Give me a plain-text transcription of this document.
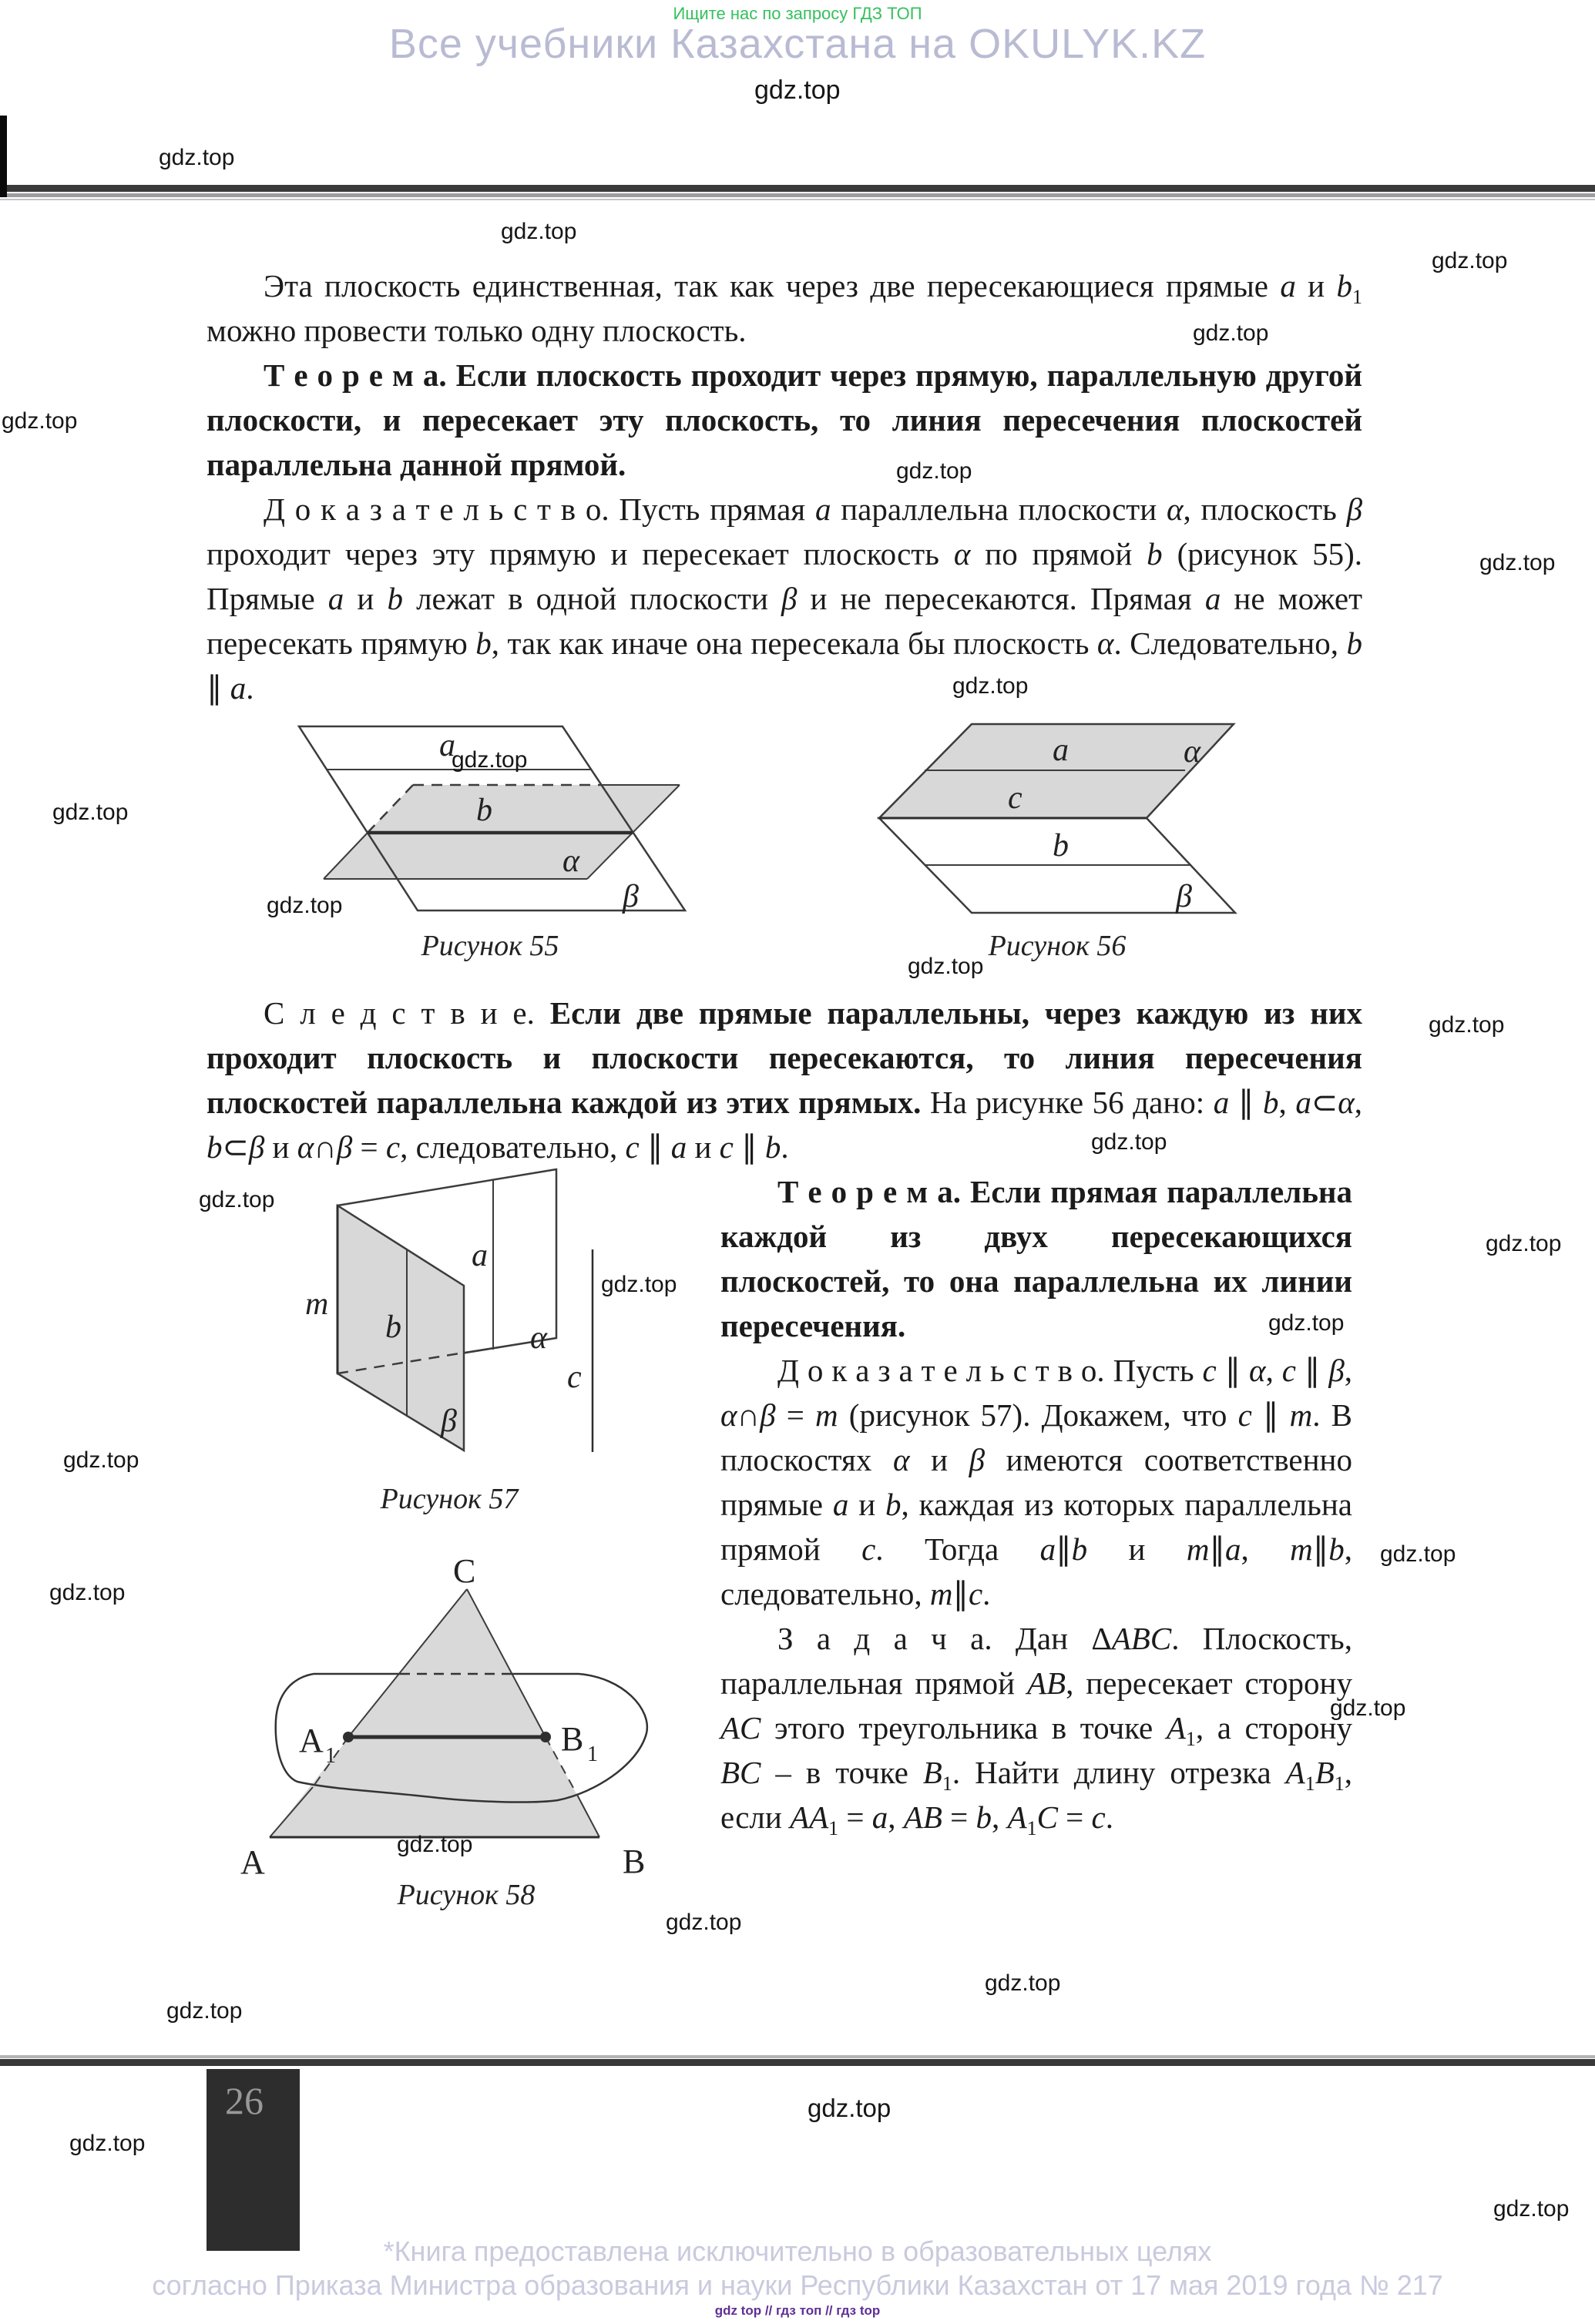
Ищите нас по запросу ГДЗ ТОП
Все учебники Казахстана на OKULYK.KZ

Эта плоскость единственная, так как через две пересекающиеся прямые a и $b_1$ можно провести только одну плоскость.

Т е о р е м а. Если плоскость проходит через прямую, параллельную другой плоскости, и пересекает эту плоскость, то линия пересечения плоскостей параллельна данной прямой.

Д о к а з а т е л ь с т в о. Пусть прямая a параллельна плоскости α, плоскость β проходит через эту прямую и пересекает плоскость α по прямой b (рисунок 55). Прямые a и b лежат в одной плоскости β и не пересекаются. Прямая a не может пересекать прямую b, так как иначе она пересекала бы плоскость α. Следовательно, b ∥ a.

a
b
α
β
Рисунок 55
α
a
c
b
β
Рисунок 56

С л е д с т в и е. Если две прямые параллельны, через каждую из них проходит плоскость и плоскости пересекаются, то линия пересечения плоскостей параллельна каждой из этих прямых. На рисунке 56 дано: a ∥ b, a⊂α, b⊂β и α∩β = c, следовательно, c ∥ a и c ∥ b.

m
a
b	α
β
c
Рисунок 57

Т е о р е м а. Если прямая параллельна каждой из двух пересекающихся плоскостей, то она параллельна их линии пересечения.

Д о к а з а т е л ь с т в о. Пусть c ∥ α, c ∥ β, α∩β = m (рисунок 57). Докажем, что c ∥ m. В плоскостях α и β имеются соответственно прямые a и b, каждая из которых параллельна прямой c. Тогда a∥b и m∥a, m∥b, следовательно, m∥c.

З а д а ч а. Дан ΔABC. Плоскость, параллельная прямой AB, пересекает сторону AC этого треугольника в точке $A_1$, а сторону BC – в точке $B_1$. Найти длину отрезка $A_1B_1$, если $AA_1 = a$, AB = b, $A_1C = c$.

C
A	B
A 1	B 1
Рисунок 58
26
*Книга предоставлена исключительно в образовательных целях
согласно Приказа Министра образования и науки Республики Казахстан от 17 мая 2019 года № 217
gdz top // гдз топ // гдз top
gdz.top
gdz.top
gdz.top
gdz.top
gdz.top
gdz.top
gdz.top
gdz.top
gdz.top
gdz.top
gdz.top
gdz.top
gdz.top
gdz.top
gdz.top
gdz.top
gdz.top
gdz.top
gdz.top
gdz.top
gdz.top
gdz.top
gdz.top
gdz.top
gdz.top
gdz.top
gdz.top
gdz.top
gdz.top
gdz.top
